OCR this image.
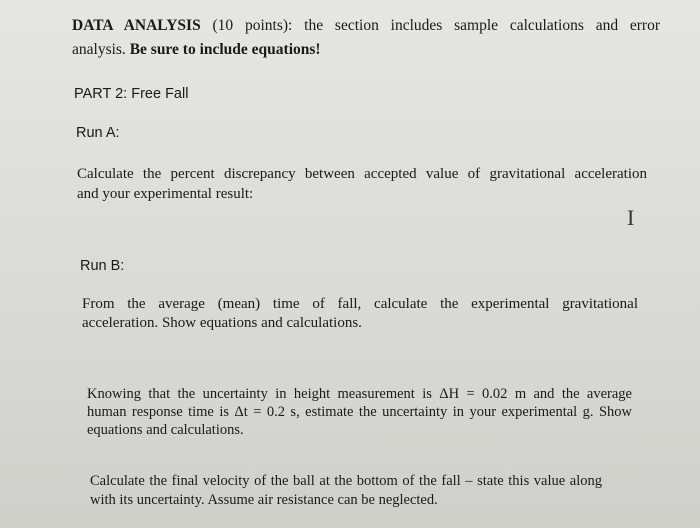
DATA ANALYSIS (10 points): the section includes sample calculations and error
analysis. Be sure to include equations!

PART 2: Free Fall

Run A:

Calculate the percent discrepancy between accepted value of gravitational acceleration
and your experimental result:

I

Run B:

From the average (mean) time of fall, calculate the experimental gravitational
acceleration. Show equations and calculations.

Knowing that the uncertainty in height measurement is ΔH = 0.02 m and the average
human response time is Δt = 0.2 s, estimate the uncertainty in your experimental g. Show
equations and calculations.

Calculate the final velocity of the ball at the bottom of the fall – state this value along
with its uncertainty. Assume air resistance can be neglected.
